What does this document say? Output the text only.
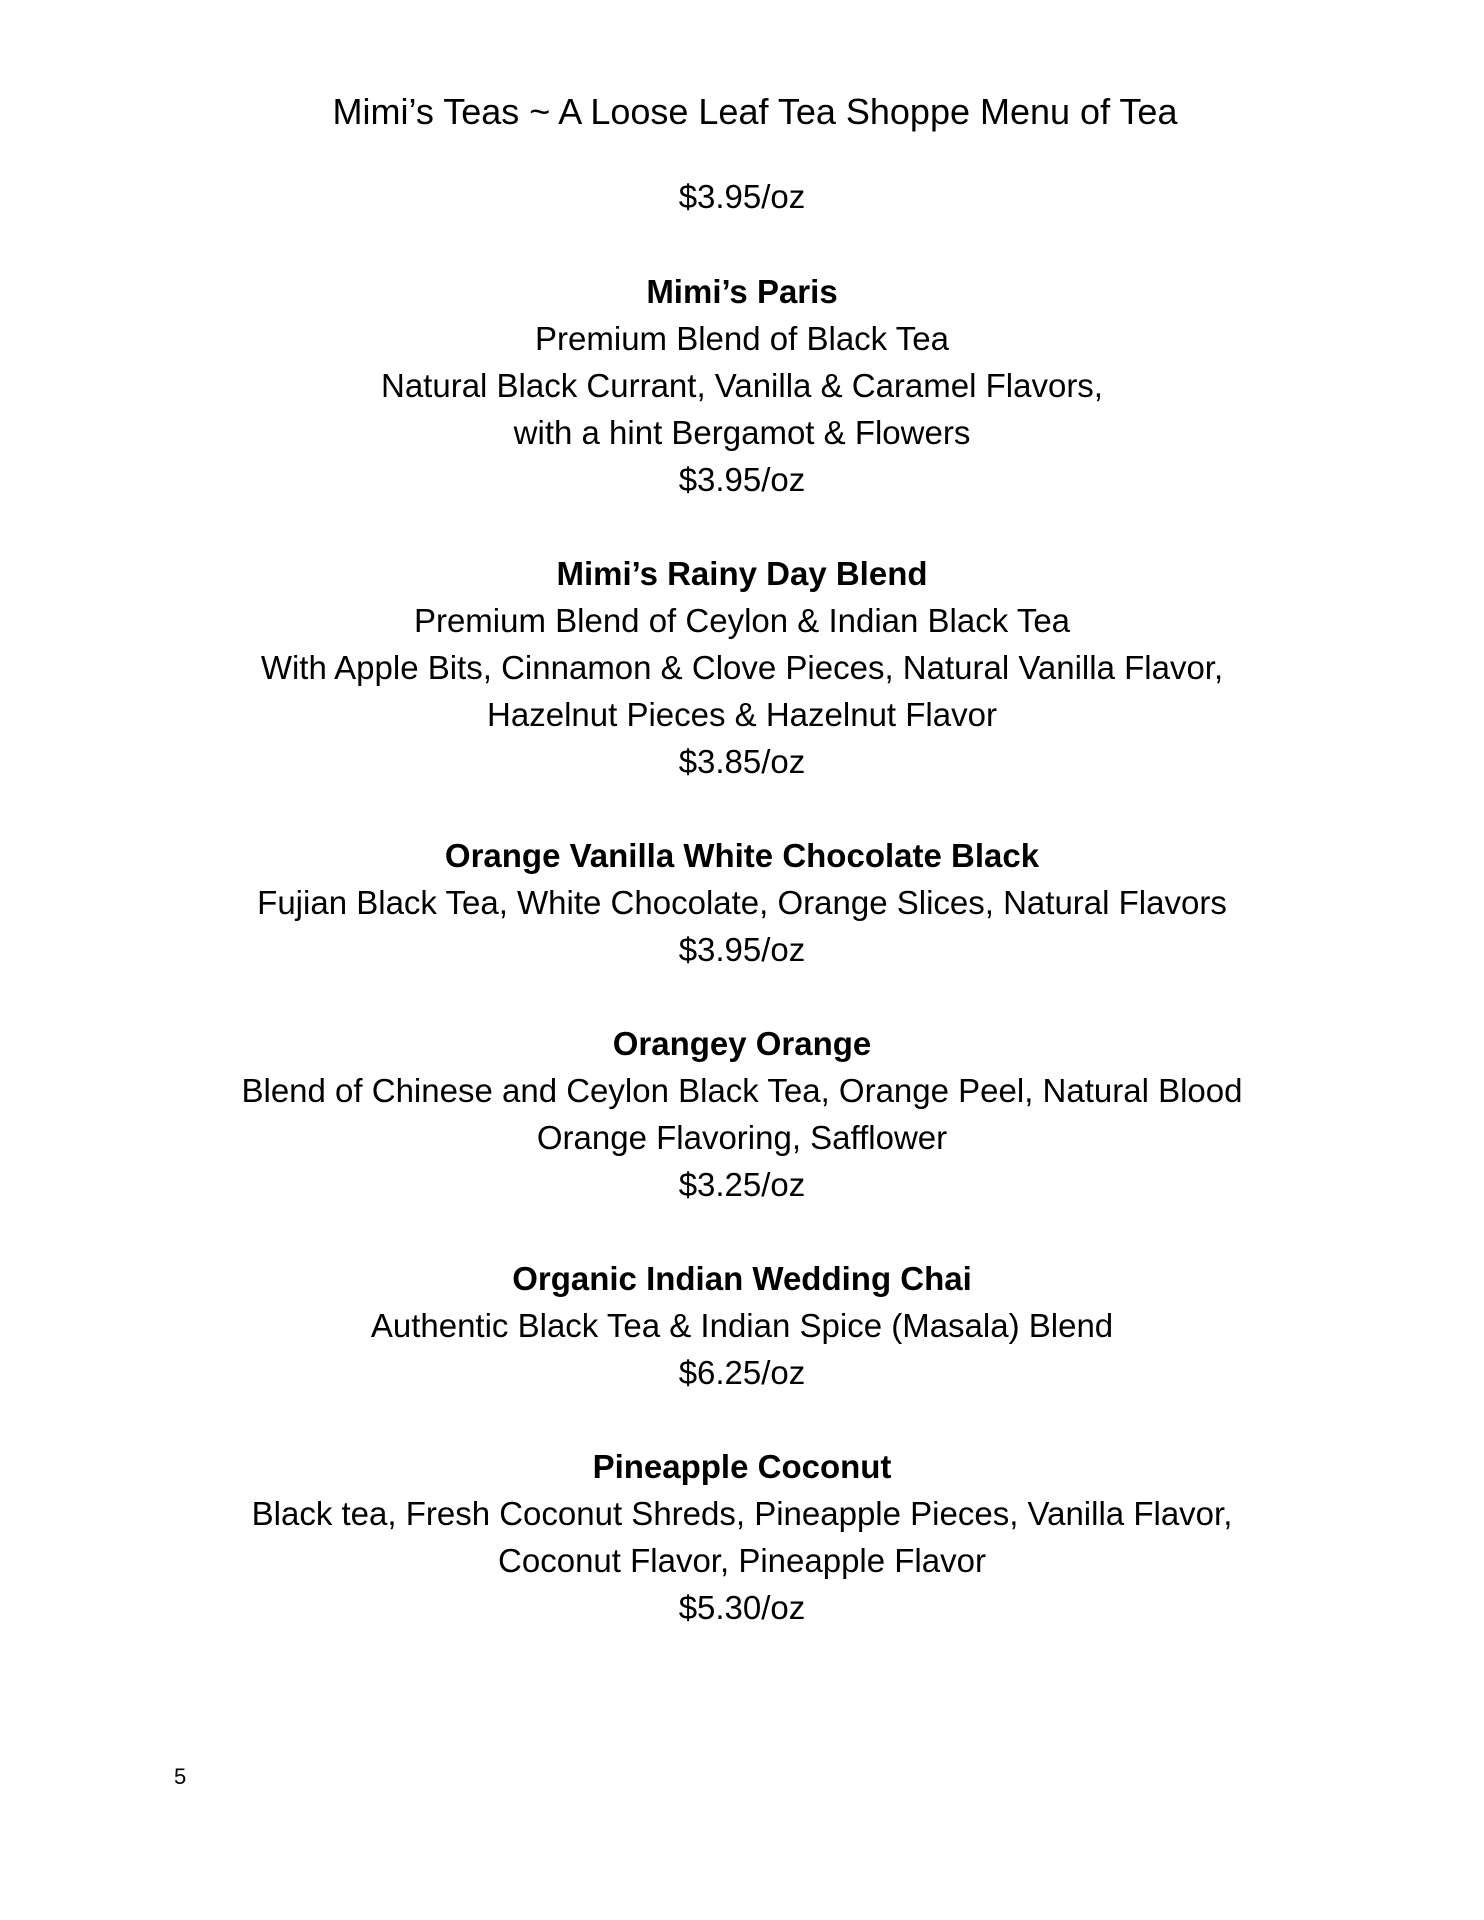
Mimi’s Teas ~ A Loose Leaf Tea Shoppe Menu of Tea
$3.95/oz
Mimi’s Paris
Premium Blend of Black Tea
Natural Black Currant, Vanilla & Caramel Flavors,
with a hint Bergamot & Flowers
$3.95/oz
Mimi’s Rainy Day Blend
Premium Blend of Ceylon & Indian Black Tea
With Apple Bits, Cinnamon & Clove Pieces, Natural Vanilla Flavor,
Hazelnut Pieces & Hazelnut Flavor
$3.85/oz
Orange Vanilla White Chocolate Black
Fujian Black Tea, White Chocolate, Orange Slices, Natural Flavors
$3.95/oz
Orangey Orange
Blend of Chinese and Ceylon Black Tea, Orange Peel, Natural Blood
Orange Flavoring, Safflower
$3.25/oz
Organic Indian Wedding Chai
Authentic Black Tea & Indian Spice (Masala) Blend
$6.25/oz
Pineapple Coconut
Black tea, Fresh Coconut Shreds, Pineapple Pieces, Vanilla Flavor,
Coconut Flavor, Pineapple Flavor
$5.30/oz
5
